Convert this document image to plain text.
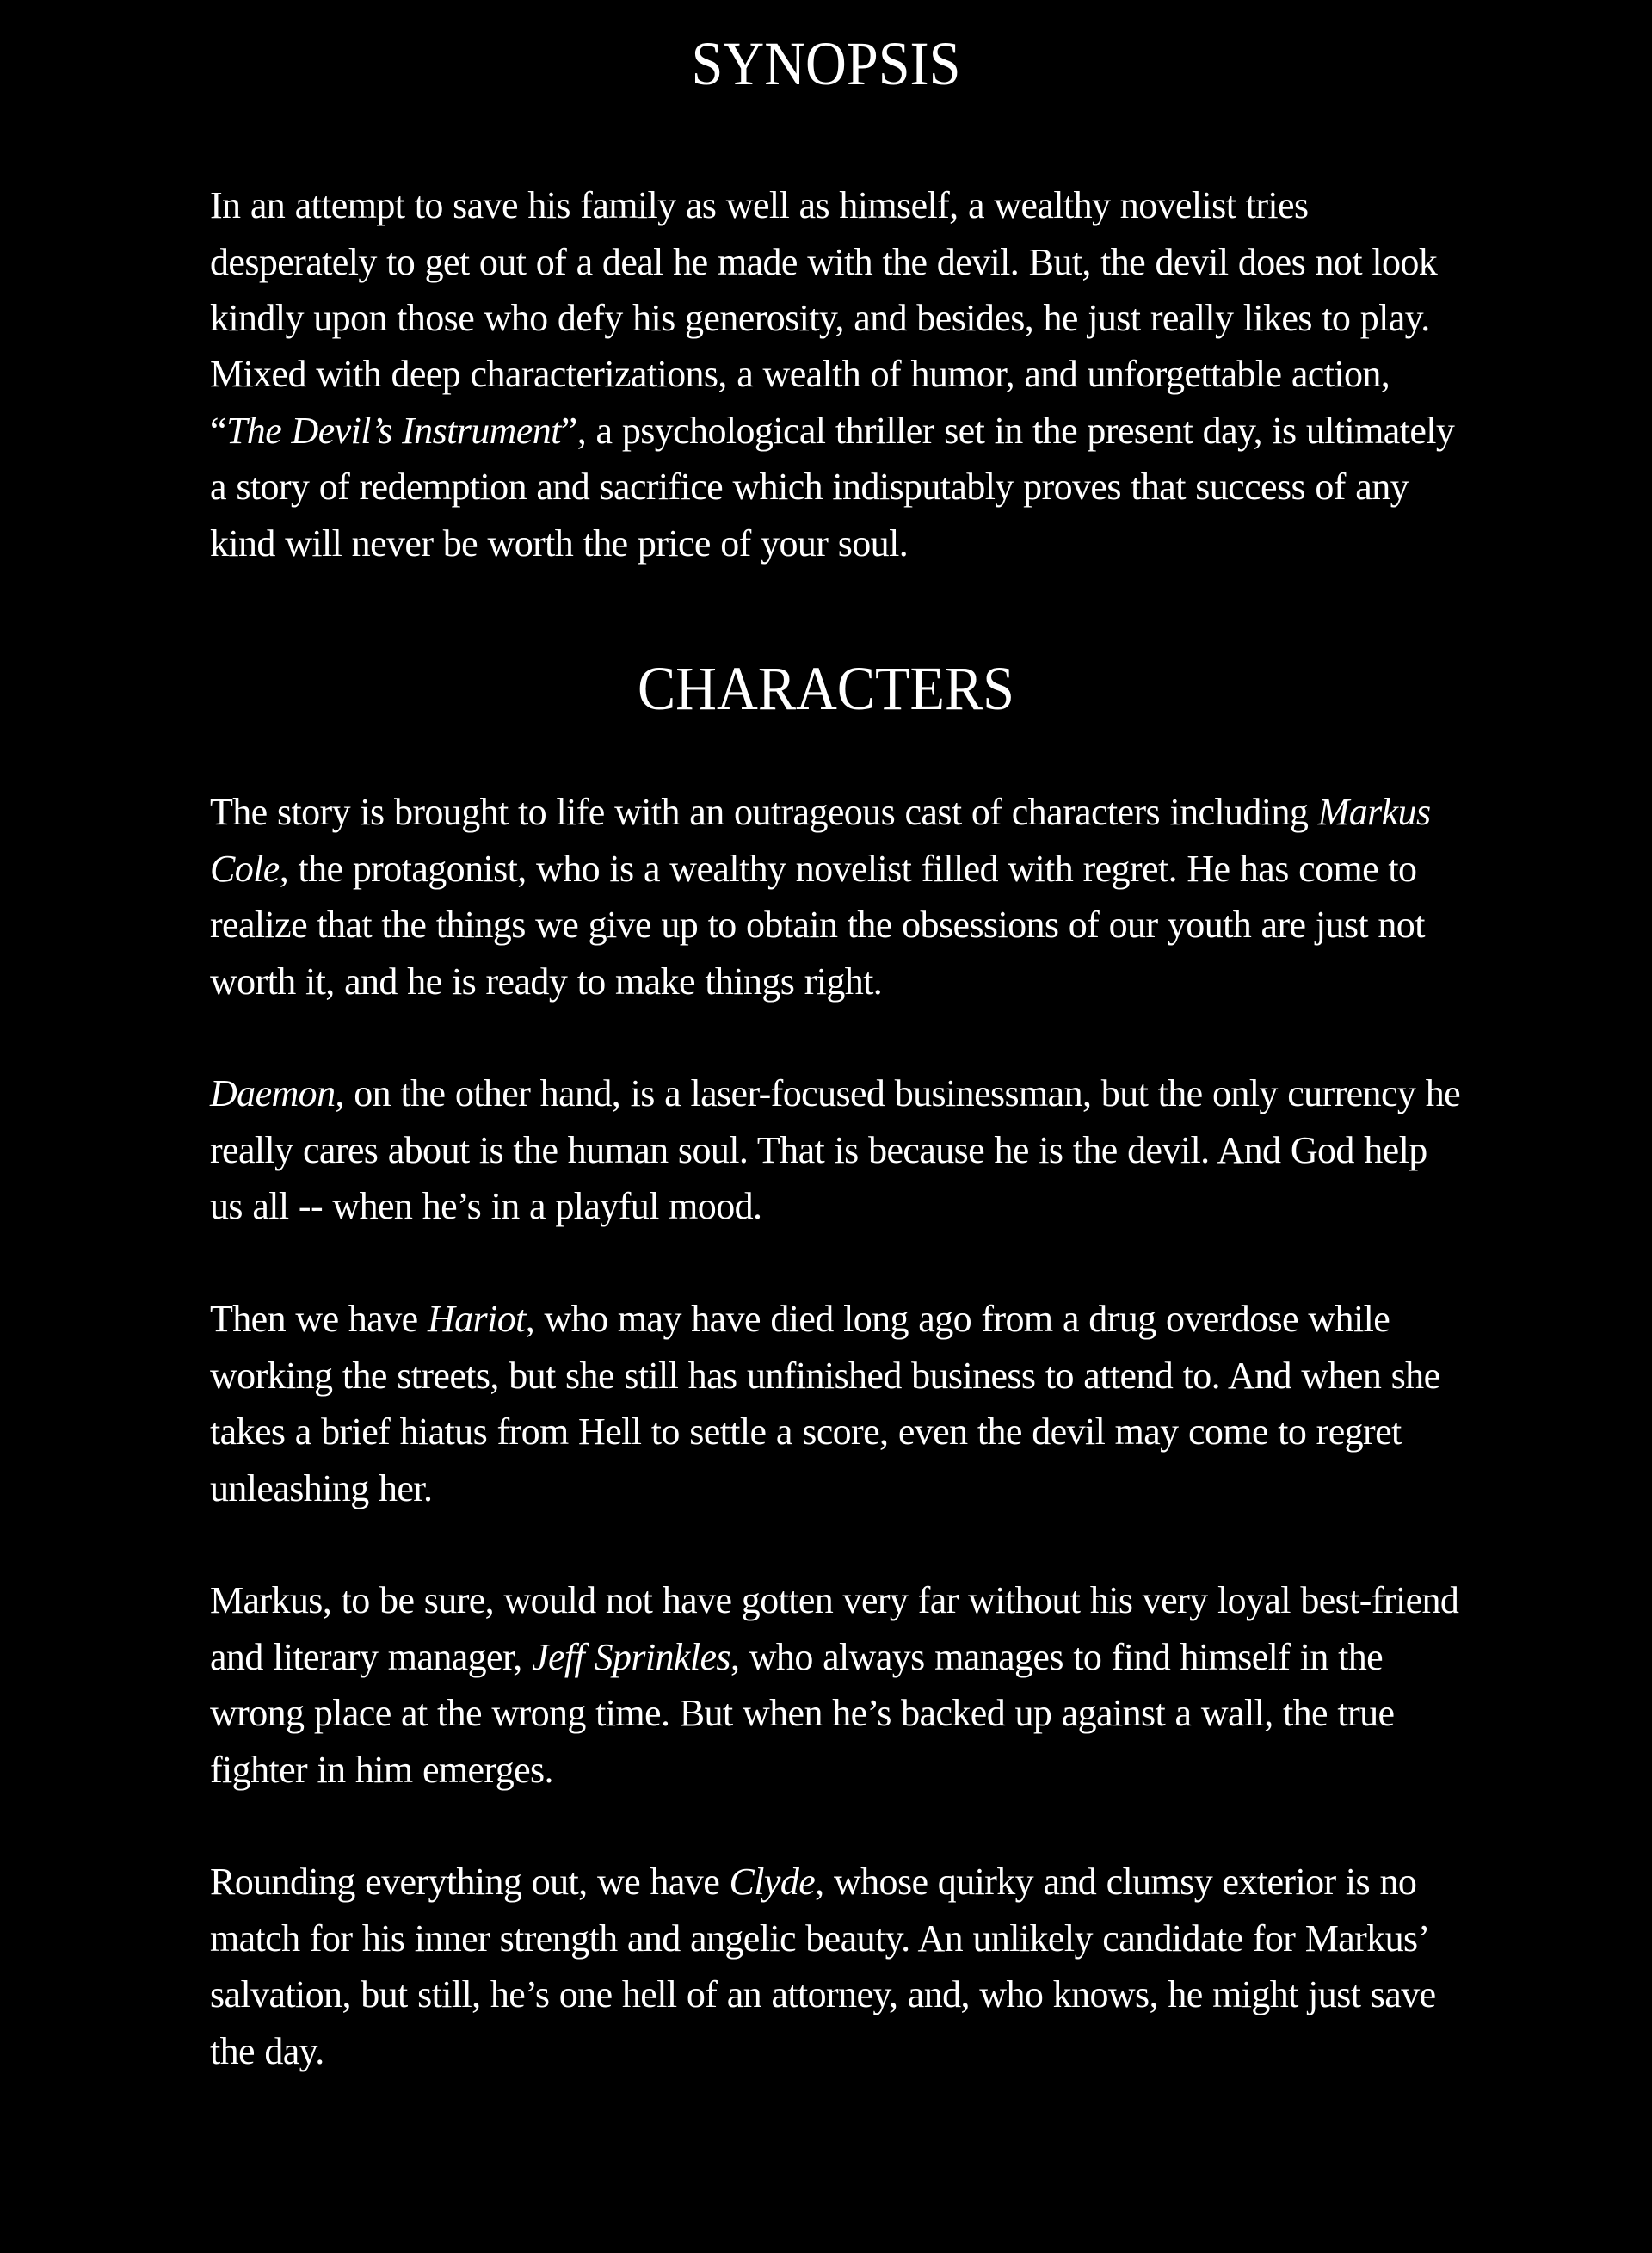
SYNOPSIS

In an attempt to save his family as well as himself, a wealthy novelist tries desperately to get out of a deal he made with the devil. But, the devil does not look kindly upon those who defy his generosity, and besides, he just really likes to play.

Mixed with deep characterizations, a wealth of humor, and unforgettable action, “The Devil’s Instrument”, a psychological thriller set in the present day, is ultimately a story of redemption and sacrifice which indisputably proves that success of any kind will never be worth the price of your soul.

CHARACTERS

The story is brought to life with an outrageous cast of characters including Markus Cole, the protagonist, who is a wealthy novelist filled with regret. He has come to realize that the things we give up to obtain the obsessions of our youth are just not worth it, and he is ready to make things right.

Daemon, on the other hand, is a laser-focused businessman, but the only currency he really cares about is the human soul. That is because he is the devil. And God help us all -- when he’s in a playful mood.

Then we have Hariot, who may have died long ago from a drug overdose while working the streets, but she still has unfinished business to attend to. And when she takes a brief hiatus from Hell to settle a score, even the devil may come to regret unleashing her.

Markus, to be sure, would not have gotten very far without his very loyal best-friend and literary manager, Jeff Sprinkles, who always manages to find himself in the wrong place at the wrong time. But when he’s backed up against a wall, the true fighter in him emerges.

Rounding everything out, we have Clyde, whose quirky and clumsy exterior is no match for his inner strength and angelic beauty. An unlikely candidate for Markus’ salvation, but still, he’s one hell of an attorney, and, who knows, he might just save the day.
